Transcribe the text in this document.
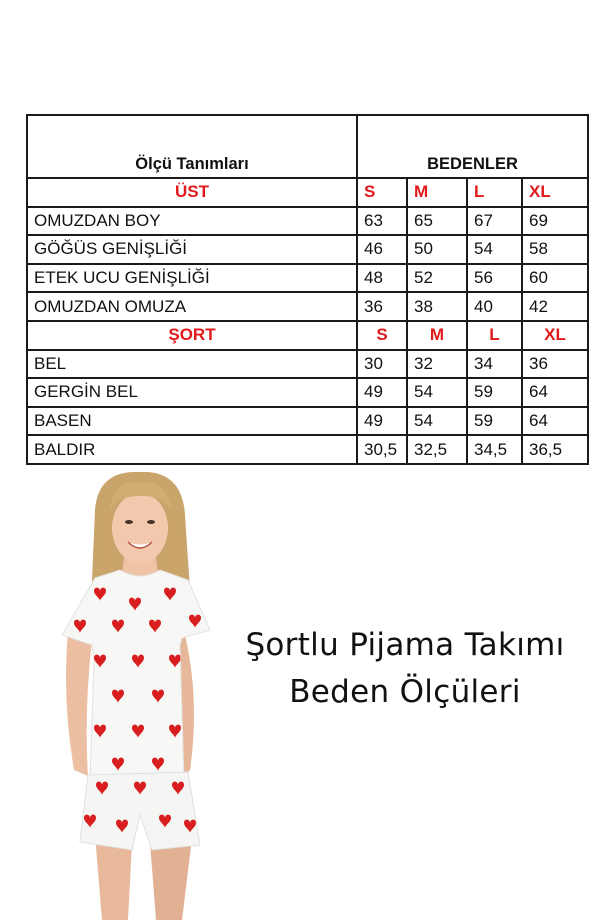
Ölçü Tanımları	BEDENLER			
ÜST	S	M	L	XL
OMUZDAN BOY	63	65	67	69
GÖĞÜS GENİŞLİĞİ	46	50	54	58
ETEK UCU GENİŞLİĞİ	48	52	56	60
OMUZDAN OMUZA	36	38	40	42
ŞORT	S	M	L	XL
BEL	30	32	34	36
GERGİN BEL	49	54	59	64
BASEN	49	54	59	64
BALDIR	30,5	32,5	34,5	36,5
Şortlu Pijama Takımı
Beden Ölçüleri
